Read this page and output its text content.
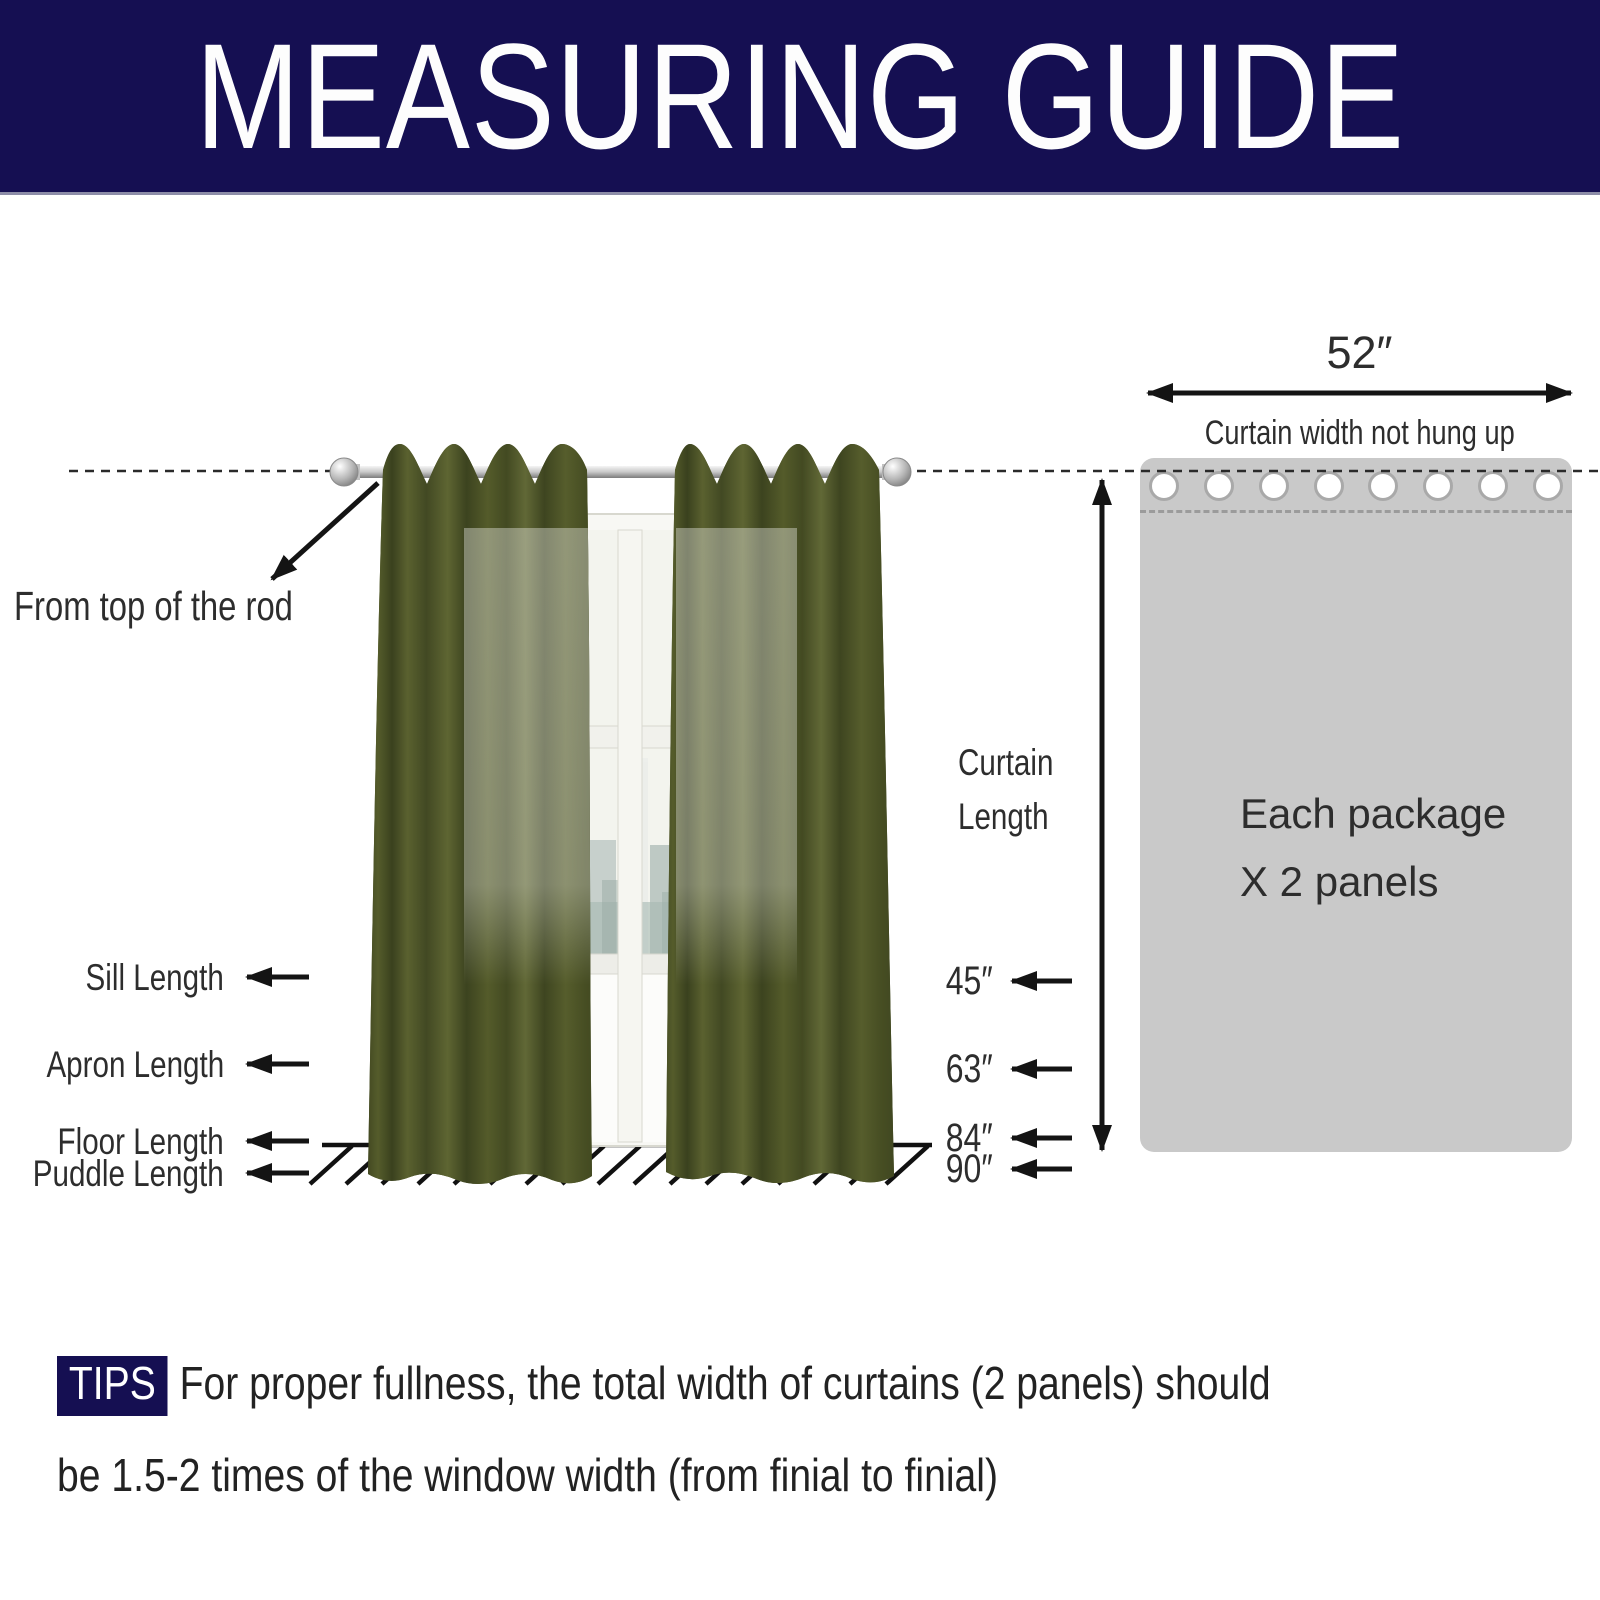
MEASURING GUIDE
Each package
X 2 panels
From top of the rod
Sill Length
Apron Length
Floor Length
Puddle Length
Curtain
Length
45″
63″
84″
90″
52″
Curtain width not hung up
TIPS For proper fullness, the total width of curtains (2 panels) should
be 1.5-2 times of the window width (from finial to finial)
